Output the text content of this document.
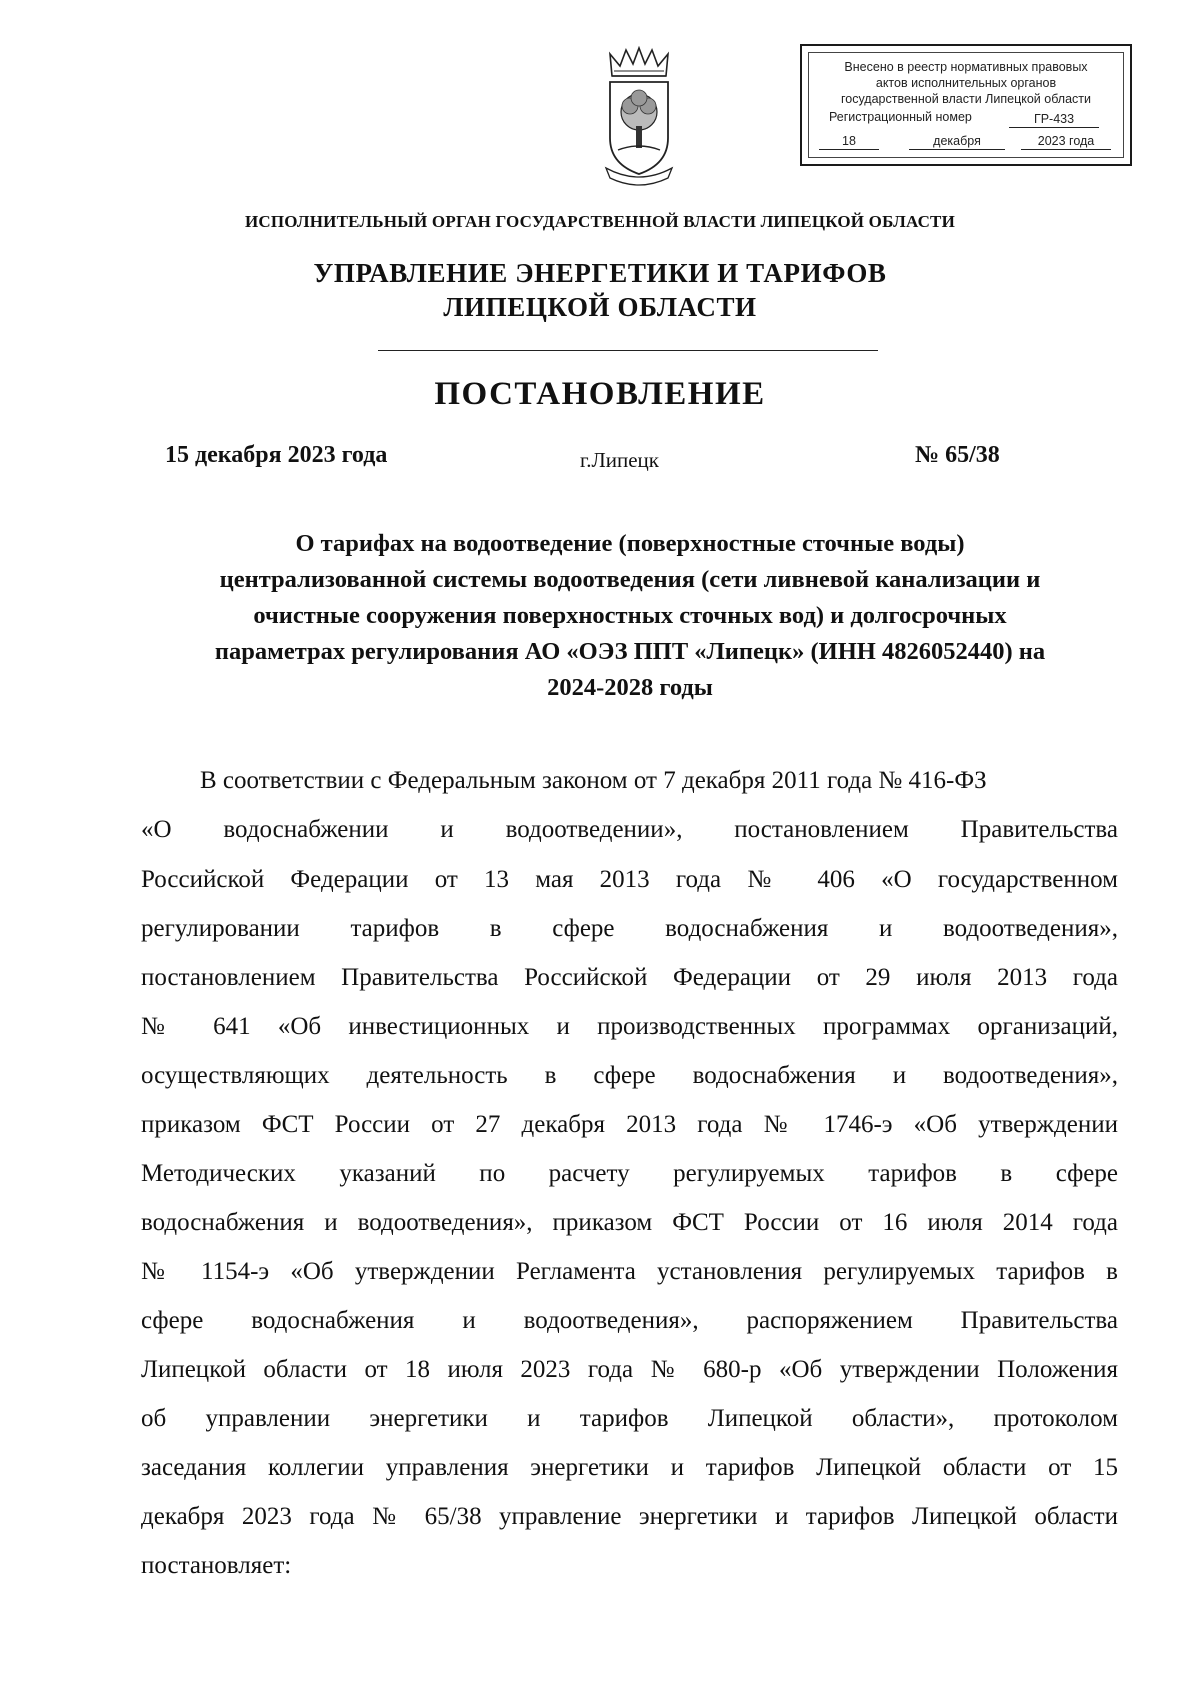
Внесено в реестр нормативных правовых
актов исполнительных органов
государственной власти Липецкой области
Регистрационный номер	ГР-433
18	декабря	2023 года
ИСПОЛНИТЕЛЬНЫЙ ОРГАН ГОСУДАРСТВЕННОЙ ВЛАСТИ ЛИПЕЦКОЙ ОБЛАСТИ
УПРАВЛЕНИЕ ЭНЕРГЕТИКИ И ТАРИФОВ
ЛИПЕЦКОЙ ОБЛАСТИ
ПОСТАНОВЛЕНИЕ
15 декабря 2023 года	г.Липецк	№ 65/38
О тарифах на водоотведение (поверхностные сточные воды)
централизованной системы водоотведения (сети ливневой канализации и
очистные сооружения поверхностных сточных вод) и долгосрочных
параметрах регулирования АО «ОЭЗ ППТ «Липецк» (ИНН 4826052440) на
2024-2028 годы
В соответствии с Федеральным законом от 7 декабря 2011 года № 416-ФЗ
«О водоснабжении и водоотведении», постановлением Правительства
Российской Федерации от 13 мая 2013 года № 406 «О государственном
регулировании тарифов в сфере водоснабжения и водоотведения»,
постановлением Правительства Российской Федерации от 29 июля 2013 года
№ 641 «Об инвестиционных и производственных программах организаций,
осуществляющих деятельность в сфере водоснабжения и водоотведения»,
приказом ФСТ России от 27 декабря 2013 года № 1746-э «Об утверждении
Методических указаний по расчету регулируемых тарифов в сфере
водоснабжения и водоотведения», приказом ФСТ России от 16 июля 2014 года
№ 1154-э «Об утверждении Регламента установления регулируемых тарифов в
сфере водоснабжения и водоотведения», распоряжением Правительства
Липецкой области от 18 июля 2023 года № 680-р «Об утверждении Положения
об управлении энергетики и тарифов Липецкой области», протоколом
заседания коллегии управления энергетики и тарифов Липецкой области от 15
декабря 2023 года № 65/38 управление энергетики и тарифов Липецкой области
постановляет:
